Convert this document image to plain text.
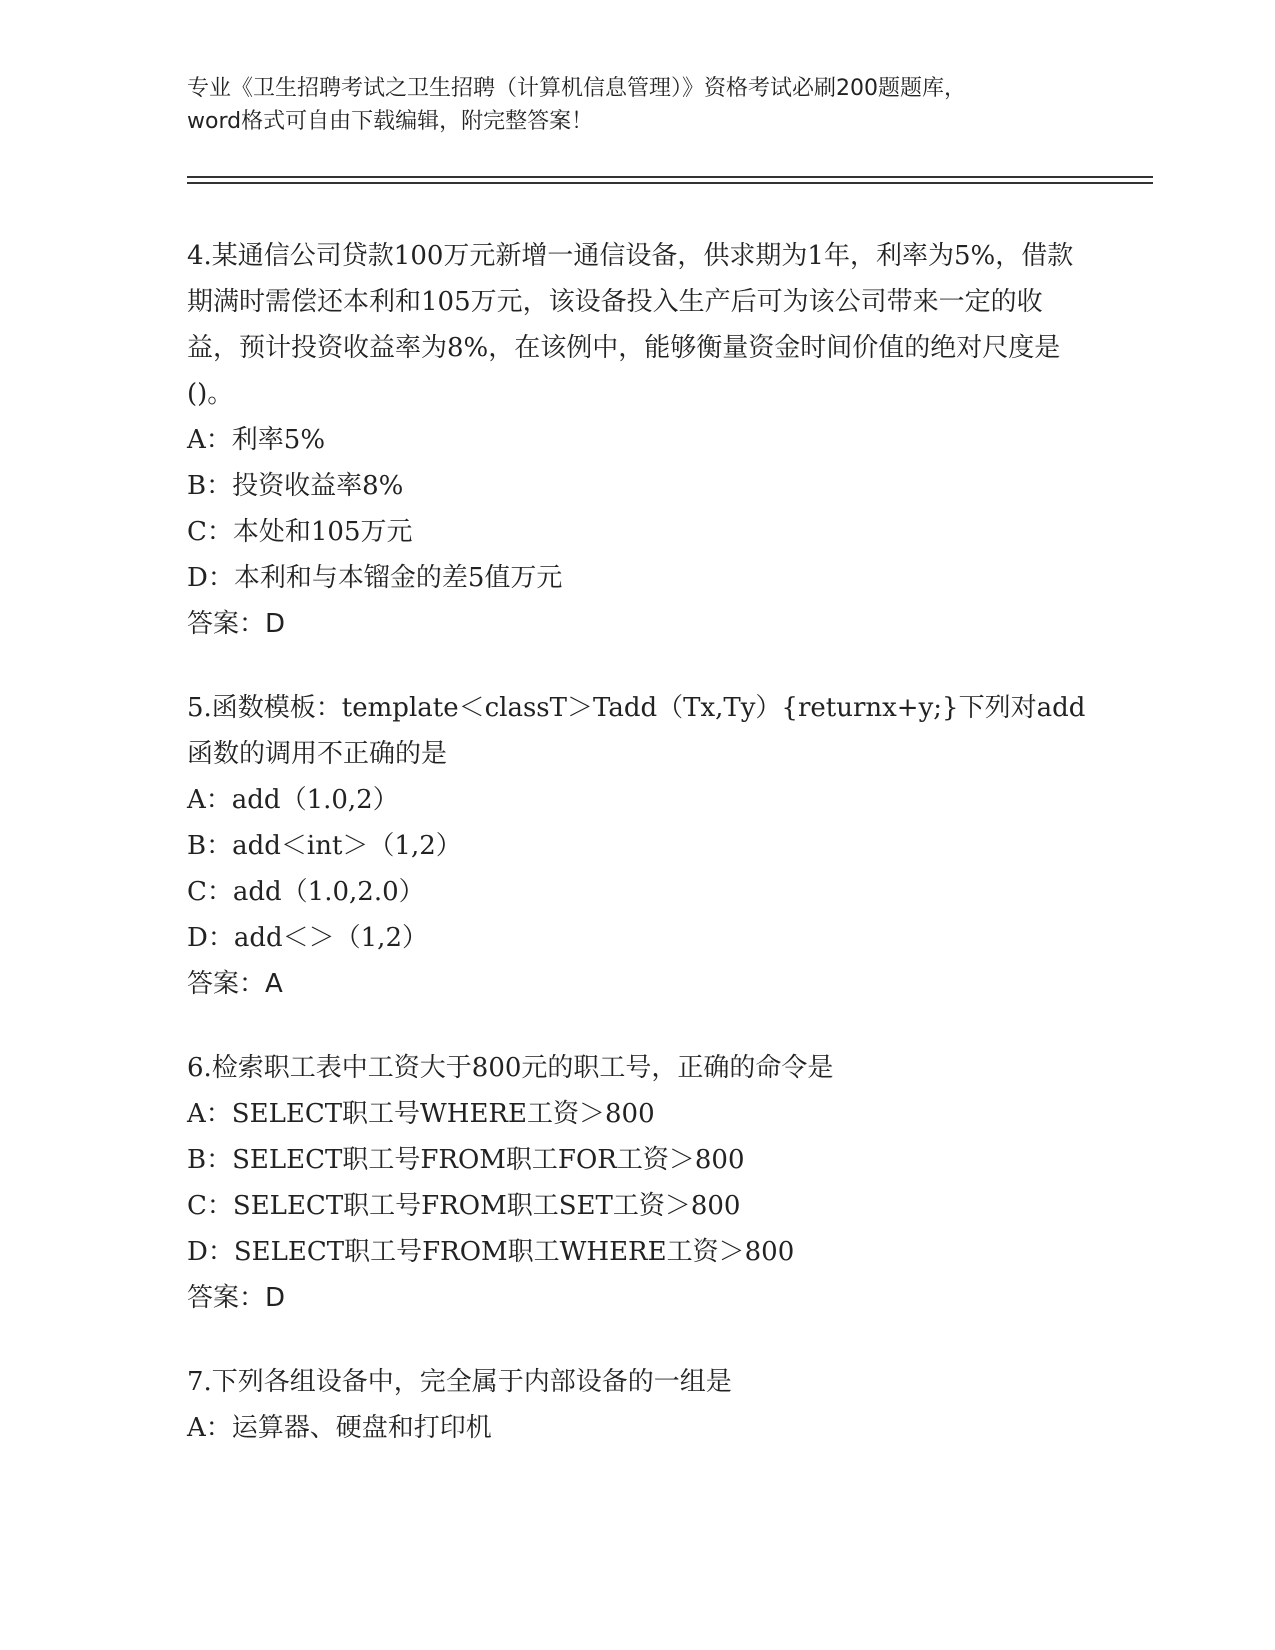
专业《卫生招聘考试之卫生招聘（计算机信息管理）》资格考试必刷200题题库，
word格式可自由下载编辑，附完整答案！
4.某通信公司贷款100万元新增一通信设备，供求期为1年，利率为5%，借款期满时需偿还本利和105万元，该设备投入生产后可为该公司带来一定的收益，预计投资收益率为8%，在该例中，能够衡量资金时间价值的绝对尺度是()。
A：利率5%
B：投资收益率8%
C：本处和105万元
D：本利和与本镏金的差5值万元
答案：D
5.函数模板：template＜classT＞Tadd（Tx,Ty）{returnx+y;}下列对add函数的调用不正确的是
A：add（1.0,2）
B：add＜int＞（1,2）
C：add（1.0,2.0）
D：add＜＞（1,2）
答案：A
6.检索职工表中工资大于800元的职工号，正确的命令是
A：SELECT职工号WHERE工资＞800
B：SELECT职工号FROM职工FOR工资＞800
C：SELECT职工号FROM职工SET工资＞800
D：SELECT职工号FROM职工WHERE工资＞800
答案：D
7.下列各组设备中，完全属于内部设备的一组是
A：运算器、硬盘和打印机
